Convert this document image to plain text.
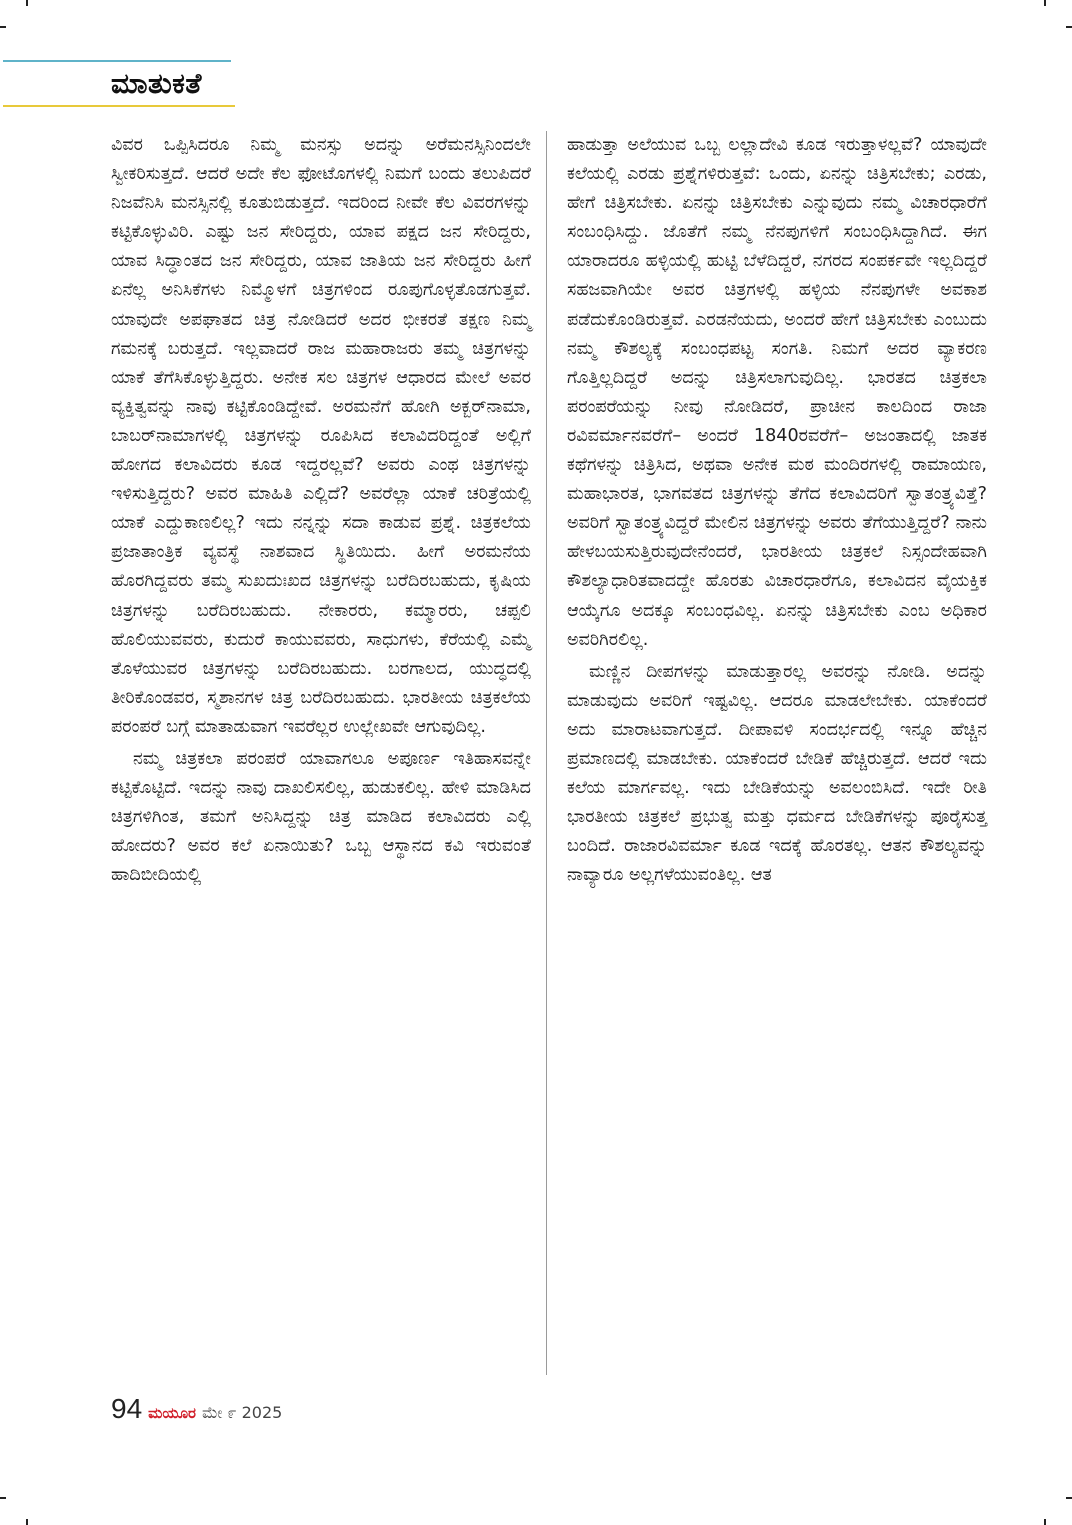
ಮಾತುಕತೆ

ವಿವರ ಒಪ್ಪಿಸಿದರೂ ನಿಮ್ಮ ಮನಸ್ಸು ಅದನ್ನು ಅರೆಮನಸ್ಸಿನಿಂದಲೇ ಸ್ವೀಕರಿಸುತ್ತದೆ. ಆದರೆ ಅದೇ ಕೆಲ ಫೋಟೊಗಳಲ್ಲಿ ನಿಮಗೆ ಬಂದು ತಲುಪಿದರೆ ನಿಜವೆನಿಸಿ ಮನಸ್ಸಿನಲ್ಲಿ ಕೂತುಬಿಡುತ್ತದೆ. ಇದರಿಂದ ನೀವೇ ಕೆಲ ವಿವರಗಳನ್ನು ಕಟ್ಟಿಕೊಳ್ಳುವಿರಿ. ಎಷ್ಟು ಜನ ಸೇರಿದ್ದರು, ಯಾವ ಪಕ್ಷದ ಜನ ಸೇರಿದ್ದರು, ಯಾವ ಸಿದ್ಧಾಂತದ ಜನ ಸೇರಿದ್ದರು, ಯಾವ ಜಾತಿಯ ಜನ ಸೇರಿದ್ದರು ಹೀಗೆ ಏನೆಲ್ಲ ಅನಿಸಿಕೆಗಳು ನಿಮ್ಮೊಳಗೆ ಚಿತ್ರಗಳಿಂದ ರೂಪುಗೊಳ್ಳತೊಡಗುತ್ತವೆ. ಯಾವುದೇ ಅಪಘಾತದ ಚಿತ್ರ ನೋಡಿದರೆ ಅದರ ಭೀಕರತೆ ತಕ್ಷಣ ನಿಮ್ಮ ಗಮನಕ್ಕೆ ಬರುತ್ತದೆ. ಇಲ್ಲವಾದರೆ ರಾಜ ಮಹಾರಾಜರು ತಮ್ಮ ಚಿತ್ರಗಳನ್ನು ಯಾಕೆ ತೆಗೆಸಿಕೊಳ್ಳುತ್ತಿದ್ದರು. ಅನೇಕ ಸಲ ಚಿತ್ರಗಳ ಆಧಾರದ ಮೇಲೆ ಅವರ ವ್ಯಕ್ತಿತ್ವವನ್ನು ನಾವು ಕಟ್ಟಿಕೊಂಡಿದ್ದೇವೆ. ಅರಮನೆಗೆ ಹೋಗಿ ಅಕ್ಬರ್‌ನಾಮಾ, ಬಾಬರ್‌ನಾಮಾಗಳಲ್ಲಿ ಚಿತ್ರಗಳನ್ನು ರೂಪಿಸಿದ ಕಲಾವಿದರಿದ್ದಂತೆ ಅಲ್ಲಿಗೆ ಹೋಗದ ಕಲಾವಿದರು ಕೂಡ ಇದ್ದರಲ್ಲವೆ? ಅವರು ಎಂಥ ಚಿತ್ರಗಳನ್ನು ಇಳಿಸುತ್ತಿದ್ದರು? ಅವರ ಮಾಹಿತಿ ಎಲ್ಲಿದೆ? ಅವರೆಲ್ಲಾ ಯಾಕೆ ಚರಿತ್ರೆಯಲ್ಲಿ ಯಾಕೆ ಎದ್ದುಕಾಣಲಿಲ್ಲ? ಇದು ನನ್ನನ್ನು ಸದಾ ಕಾಡುವ ಪ್ರಶ್ನೆ. ಚಿತ್ರಕಲೆಯ ಪ್ರಜಾತಾಂತ್ರಿಕ ವ್ಯವಸ್ಥೆ ನಾಶವಾದ ಸ್ಥಿತಿಯಿದು. ಹೀಗೆ ಅರಮನೆಯ ಹೊರಗಿದ್ದವರು ತಮ್ಮ ಸುಖದುಃಖದ ಚಿತ್ರಗಳನ್ನು ಬರೆದಿರಬಹುದು, ಕೃಷಿಯ ಚಿತ್ರಗಳನ್ನು ಬರೆದಿರಬಹುದು. ನೇಕಾರರು, ಕಮ್ಮಾರರು, ಚಪ್ಪಲಿ ಹೊಲಿಯುವವರು, ಕುದುರೆ ಕಾಯುವವರು, ಸಾಧುಗಳು, ಕೆರೆಯಲ್ಲಿ ಎಮ್ಮೆ ತೊಳೆಯುವರ ಚಿತ್ರಗಳನ್ನು ಬರೆದಿರಬಹುದು. ಬರಗಾಲದ, ಯುದ್ಧದಲ್ಲಿ ತೀರಿಕೊಂಡವರ, ಸ್ಮಶಾನಗಳ ಚಿತ್ರ ಬರೆದಿರಬಹುದು. ಭಾರತೀಯ ಚಿತ್ರಕಲೆಯ ಪರಂಪರೆ ಬಗ್ಗೆ ಮಾತಾಡುವಾಗ ಇವರೆಲ್ಲರ ಉಲ್ಲೇಖವೇ ಆಗುವುದಿಲ್ಲ.

ನಮ್ಮ ಚಿತ್ರಕಲಾ ಪರಂಪರೆ ಯಾವಾಗಲೂ ಅಪೂರ್ಣ ಇತಿಹಾಸವನ್ನೇ ಕಟ್ಟಿಕೊಟ್ಟಿದೆ. ಇದನ್ನು ನಾವು ದಾಖಲಿಸಲಿಲ್ಲ, ಹುಡುಕಲಿಲ್ಲ. ಹೇಳಿ ಮಾಡಿಸಿದ ಚಿತ್ರಗಳಿಗಿಂತ, ತಮಗೆ ಅನಿಸಿದ್ದನ್ನು ಚಿತ್ರ ಮಾಡಿದ ಕಲಾವಿದರು ಎಲ್ಲಿ ಹೋದರು? ಅವರ ಕಲೆ ಏನಾಯಿತು? ಒಬ್ಬ ಆಸ್ಥಾನದ ಕವಿ ಇರುವಂತೆ ಹಾದಿಬೀದಿಯಲ್ಲಿ

ಹಾಡುತ್ತಾ ಅಲೆಯುವ ಒಬ್ಬ ಲಲ್ಲಾದೇವಿ ಕೂಡ ಇರುತ್ತಾಳಲ್ಲವೆ? ಯಾವುದೇ ಕಲೆಯಲ್ಲಿ ಎರಡು ಪ್ರಶ್ನೆಗಳಿರುತ್ತವೆ: ಒಂದು, ಏನನ್ನು ಚಿತ್ರಿಸಬೇಕು; ಎರಡು, ಹೇಗೆ ಚಿತ್ರಿಸಬೇಕು. ಏನನ್ನು ಚಿತ್ರಿಸಬೇಕು ಎನ್ನುವುದು ನಮ್ಮ ವಿಚಾರಧಾರೆಗೆ ಸಂಬಂಧಿಸಿದ್ದು. ಜೊತೆಗೆ ನಮ್ಮ ನೆನಪುಗಳಿಗೆ ಸಂಬಂಧಿಸಿದ್ದಾಗಿದೆ. ಈಗ ಯಾರಾದರೂ ಹಳ್ಳಿಯಲ್ಲಿ ಹುಟ್ಟಿ ಬೆಳೆದಿದ್ದರೆ, ನಗರದ ಸಂಪರ್ಕವೇ ಇಲ್ಲದಿದ್ದರೆ ಸಹಜವಾಗಿಯೇ ಅವರ ಚಿತ್ರಗಳಲ್ಲಿ ಹಳ್ಳಿಯ ನೆನಪುಗಳೇ ಅವಕಾಶ ಪಡೆದುಕೊಂಡಿರುತ್ತವೆ. ಎರಡನೆಯದು, ಅಂದರೆ ಹೇಗೆ ಚಿತ್ರಿಸಬೇಕು ಎಂಬುದು ನಮ್ಮ ಕೌಶಲ್ಯಕ್ಕೆ ಸಂಬಂಧಪಟ್ಟ ಸಂಗತಿ. ನಿಮಗೆ ಅದರ ವ್ಯಾಕರಣ ಗೊತ್ತಿಲ್ಲದಿದ್ದರೆ ಅದನ್ನು ಚಿತ್ರಿಸಲಾಗುವುದಿಲ್ಲ. ಭಾರತದ ಚಿತ್ರಕಲಾ ಪರಂಪರೆಯನ್ನು ನೀವು ನೋಡಿದರೆ, ಪ್ರಾಚೀನ ಕಾಲದಿಂದ ರಾಜಾ ರವಿವರ್ಮಾನವರೆಗೆ– ಅಂದರೆ 1840ರವರೆಗೆ– ಅಜಂತಾದಲ್ಲಿ ಜಾತಕ ಕಥೆಗಳನ್ನು ಚಿತ್ರಿಸಿದ, ಅಥವಾ ಅನೇಕ ಮಠ ಮಂದಿರಗಳಲ್ಲಿ ರಾಮಾಯಣ, ಮಹಾಭಾರತ, ಭಾಗವತದ ಚಿತ್ರಗಳನ್ನು ತೆಗೆದ ಕಲಾವಿದರಿಗೆ ಸ್ವಾತಂತ್ರ್ಯವಿತ್ತೆ? ಅವರಿಗೆ ಸ್ವಾತಂತ್ರ್ಯವಿದ್ದರೆ ಮೇಲಿನ ಚಿತ್ರಗಳನ್ನು ಅವರು ತೆಗೆಯುತ್ತಿದ್ದರೆ? ನಾನು ಹೇಳಬಯಸುತ್ತಿರುವುದೇನೆಂದರೆ, ಭಾರತೀಯ ಚಿತ್ರಕಲೆ ನಿಸ್ಸಂದೇಹವಾಗಿ ಕೌಶಲ್ಯಾಧಾರಿತವಾದದ್ದೇ ಹೊರತು ವಿಚಾರಧಾರೆಗೂ, ಕಲಾವಿದನ ವೈಯಕ್ತಿಕ ಆಯ್ಕೆಗೂ ಅದಕ್ಕೂ ಸಂಬಂಧವಿಲ್ಲ. ಏನನ್ನು ಚಿತ್ರಿಸಬೇಕು ಎಂಬ ಅಧಿಕಾರ ಅವರಿಗಿರಲಿಲ್ಲ.

ಮಣ್ಣಿನ ದೀಪಗಳನ್ನು ಮಾಡುತ್ತಾರಲ್ಲ ಅವರನ್ನು ನೋಡಿ. ಅದನ್ನು ಮಾಡುವುದು ಅವರಿಗೆ ಇಷ್ಟವಿಲ್ಲ. ಆದರೂ ಮಾಡಲೇಬೇಕು. ಯಾಕೆಂದರೆ ಅದು ಮಾರಾಟವಾಗುತ್ತದೆ. ದೀಪಾವಳಿ ಸಂದರ್ಭದಲ್ಲಿ ಇನ್ನೂ ಹೆಚ್ಚಿನ ಪ್ರಮಾಣದಲ್ಲಿ ಮಾಡಬೇಕು. ಯಾಕೆಂದರೆ ಬೇಡಿಕೆ ಹೆಚ್ಚಿರುತ್ತದೆ. ಆದರೆ ಇದು ಕಲೆಯ ಮಾರ್ಗವಲ್ಲ. ಇದು ಬೇಡಿಕೆಯನ್ನು ಅವಲಂಬಿಸಿದೆ. ಇದೇ ರೀತಿ ಭಾರತೀಯ ಚಿತ್ರಕಲೆ ಪ್ರಭುತ್ವ ಮತ್ತು ಧರ್ಮದ ಬೇಡಿಕೆಗಳನ್ನು ಪೂರೈಸುತ್ತ ಬಂದಿದೆ. ರಾಜಾರವಿವರ್ಮಾ ಕೂಡ ಇದಕ್ಕೆ ಹೊರತಲ್ಲ. ಆತನ ಕೌಶಲ್ಯವನ್ನು ನಾವ್ಯಾರೂ ಅಲ್ಲಗಳೆಯುವಂತಿಲ್ಲ. ಆತ

94 ಮಯೂರ ಮೇ ೯ 2025
